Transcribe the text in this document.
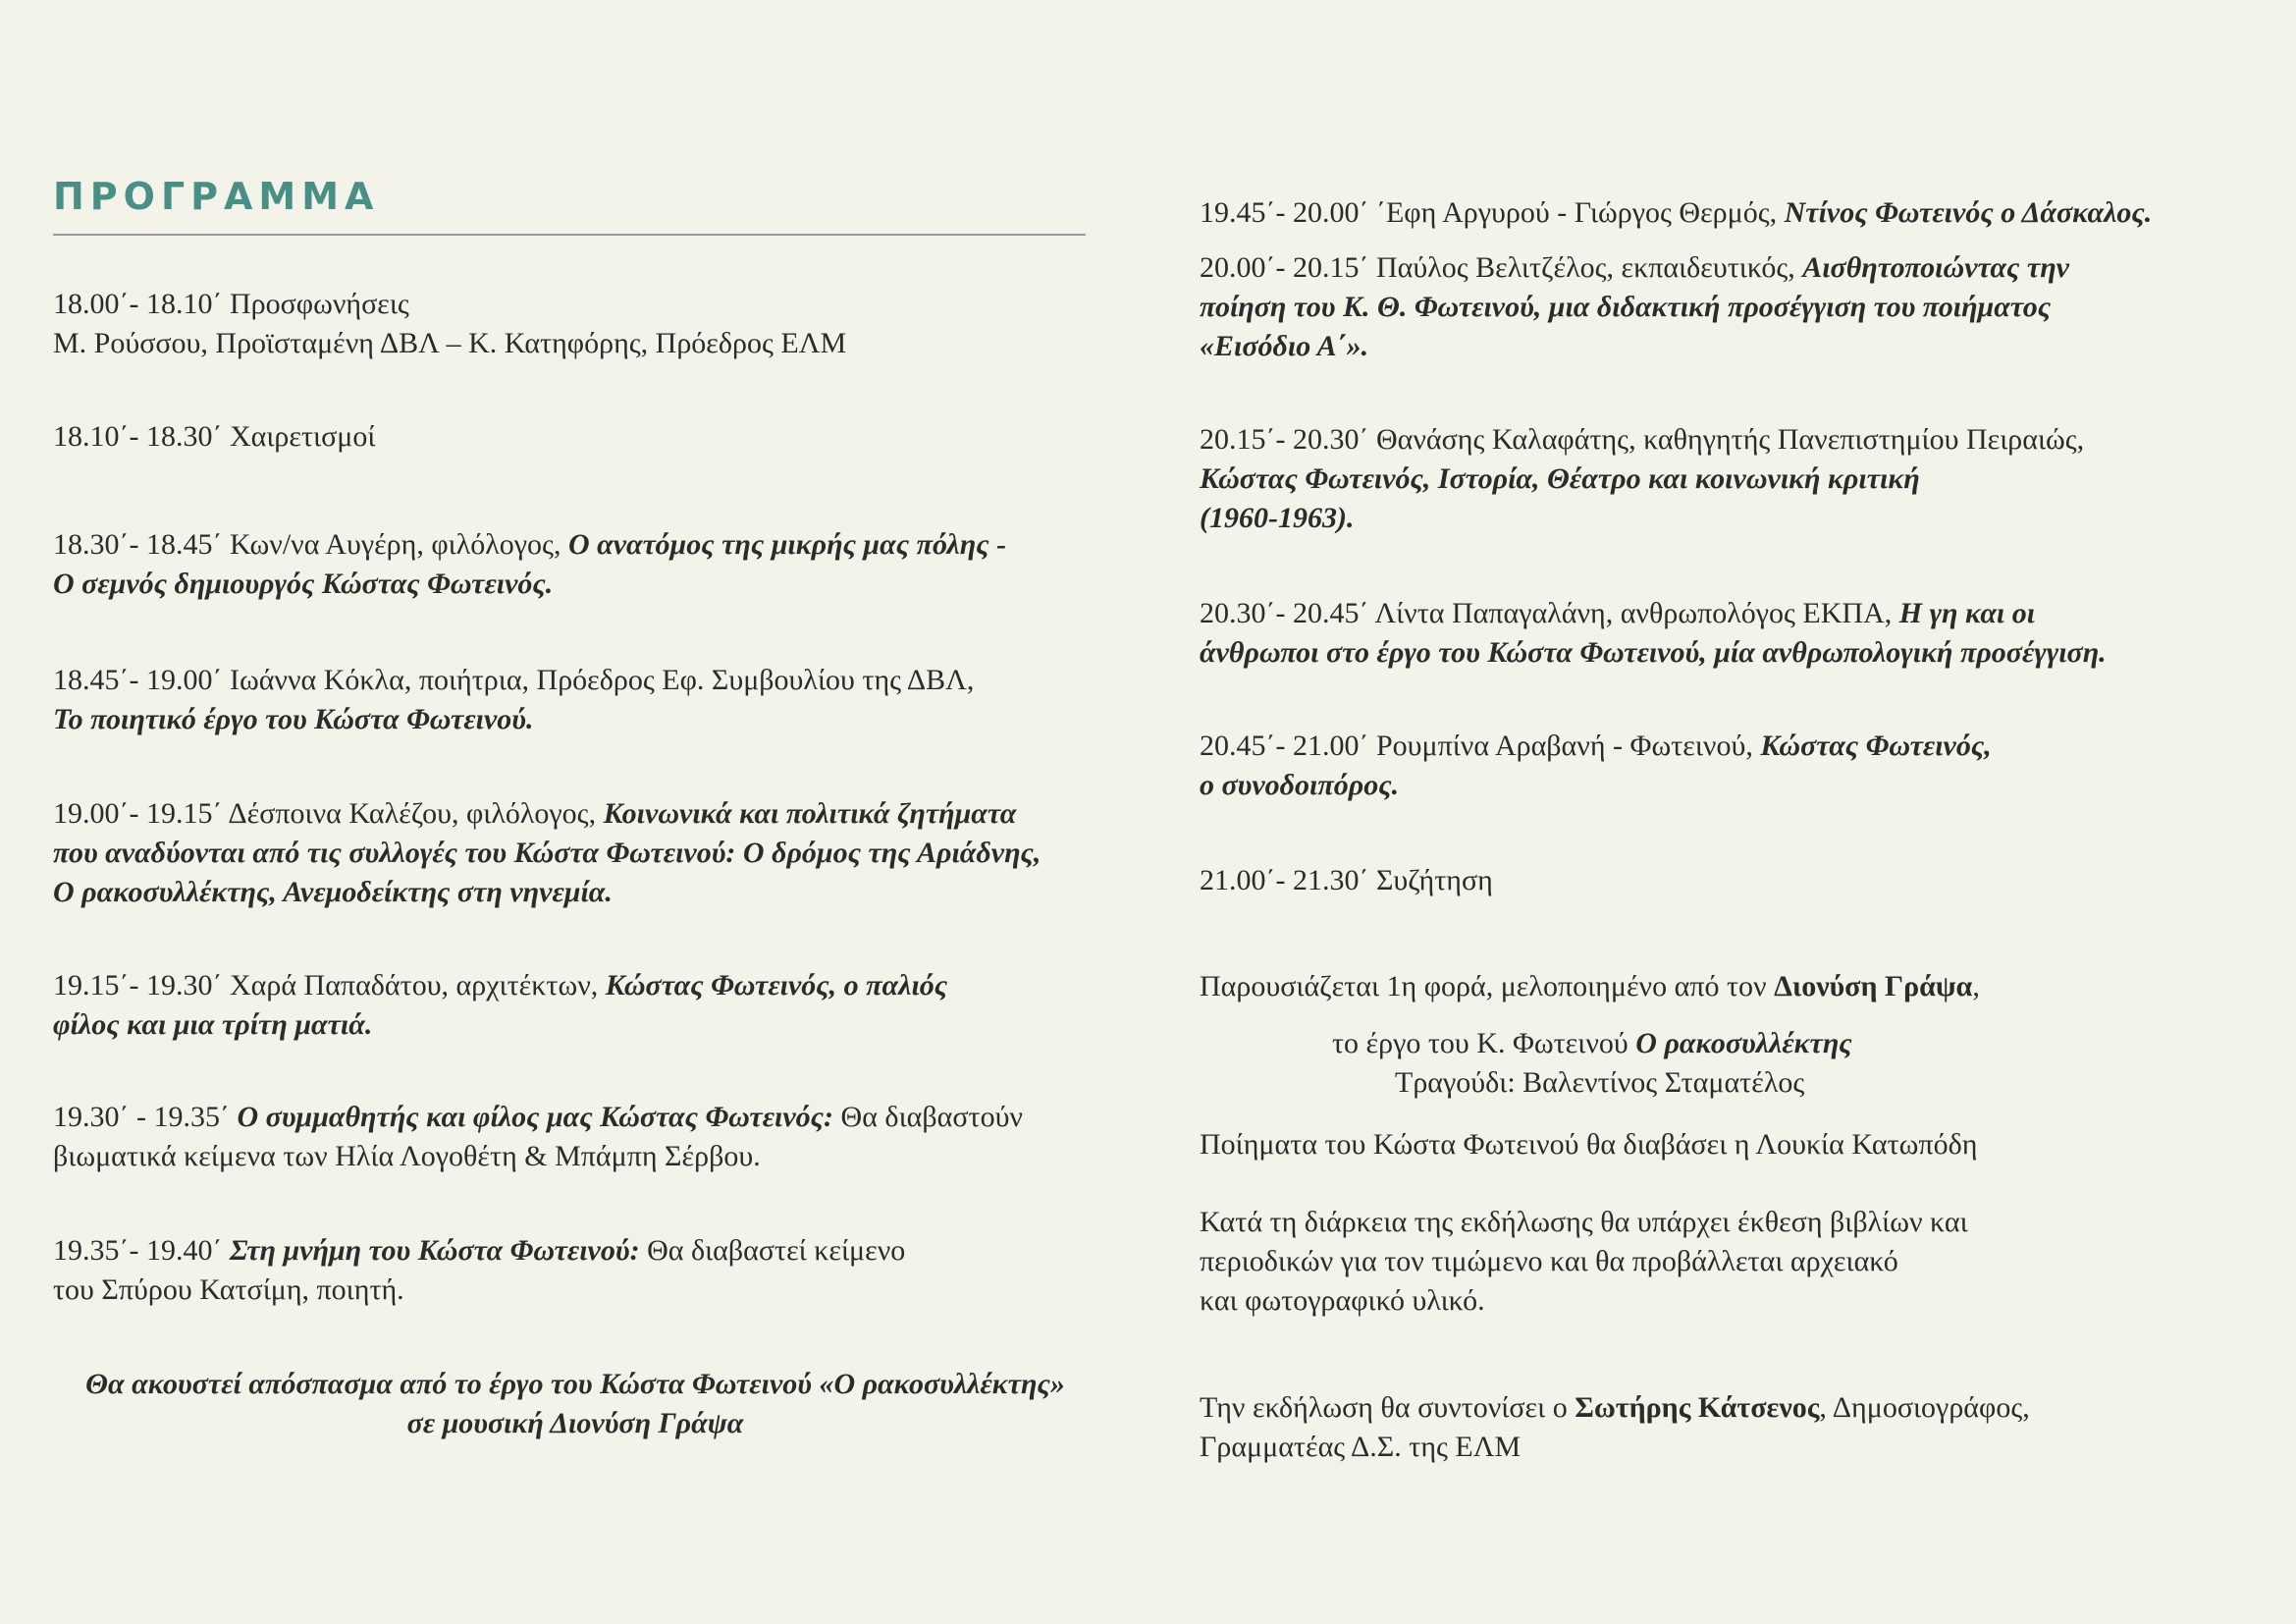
ΠΡΟΓΡΑΜΜΑ
18.00΄- 18.10΄ Προσφωνήσεις
Μ. Ρούσσου, Προϊσταμένη ΔΒΛ – Κ. Κατηφόρης, Πρόεδρος ΕΛΜ
18.10΄- 18.30΄ Χαιρετισμοί
18.30΄- 18.45΄ Κων/να Αυγέρη, φιλόλογος, Ο ανατόμος της μικρής μας πόλης -
Ο σεμνός δημιουργός Κώστας Φωτεινός.
18.45΄- 19.00΄ Ιωάννα Κόκλα, ποιήτρια, Πρόεδρος Εφ. Συμβουλίου της ΔΒΛ,
Το ποιητικό έργο του Κώστα Φωτεινού.
19.00΄- 19.15΄ Δέσποινα Καλέζου, φιλόλογος, Κοινωνικά και πολιτικά ζητήματα
που αναδύονται από τις συλλογές του Κώστα Φωτεινού: Ο δρόμος της Αριάδνης,
Ο ρακοσυλλέκτης, Ανεμοδείκτης στη νηνεμία.
19.15΄- 19.30΄ Χαρά Παπαδάτου, αρχιτέκτων, Κώστας Φωτεινός, ο παλιός
φίλος και μια τρίτη ματιά.
19.30΄ - 19.35΄ Ο συμμαθητής και φίλος μας Κώστας Φωτεινός: Θα διαβαστούν
βιωματικά κείμενα των Ηλία Λογοθέτη & Μπάμπη Σέρβου.
19.35΄- 19.40΄ Στη μνήμη του Κώστα Φωτεινού: Θα διαβαστεί κείμενο
του Σπύρου Κατσίμη, ποιητή.
Θα ακουστεί απόσπασμα από το έργο του Κώστα Φωτεινού «Ο ρακοσυλλέκτης»
σε μουσική Διονύση Γράψα
19.45΄- 20.00΄ ΄Εφη Αργυρού - Γιώργος Θερμός, Ντίνος Φωτεινός ο Δάσκαλος.
20.00΄- 20.15΄ Παύλος Βελιτζέλος, εκπαιδευτικός, Αισθητοποιώντας την
ποίηση του Κ. Θ. Φωτεινού, μια διδακτική προσέγγιση του ποιήματος
«Εισόδιο Α΄».
20.15΄- 20.30΄ Θανάσης Καλαφάτης, καθηγητής Πανεπιστημίου Πειραιώς,
Κώστας Φωτεινός, Ιστορία, Θέατρο και κοινωνική κριτική
(1960-1963).
20.30΄- 20.45΄ Λίντα Παπαγαλάνη, ανθρωπολόγος ΕΚΠΑ, Η γη και οι
άνθρωποι στο έργο του Κώστα Φωτεινού, μία ανθρωπολογική προσέγγιση.
20.45΄- 21.00΄ Ρουμπίνα Αραβανή - Φωτεινού, Κώστας Φωτεινός,
ο συνοδοιπόρος.
21.00΄- 21.30΄ Συζήτηση
Παρουσιάζεται 1η φορά, μελοποιημένο από τον Διονύση Γράψα,
το έργο του Κ. Φωτεινού Ο ρακοσυλλέκτης
Τραγούδι: Βαλεντίνος Σταματέλος
Ποίηματα του Κώστα Φωτεινού θα διαβάσει η Λουκία Κατωπόδη
Κατά τη διάρκεια της εκδήλωσης θα υπάρχει έκθεση βιβλίων και
περιοδικών για τον τιμώμενο και θα προβάλλεται αρχειακό
και φωτογραφικό υλικό.
Την εκδήλωση θα συντονίσει ο Σωτήρης Κάτσενος, Δημοσιογράφος,
Γραμματέας Δ.Σ. της ΕΛΜ
